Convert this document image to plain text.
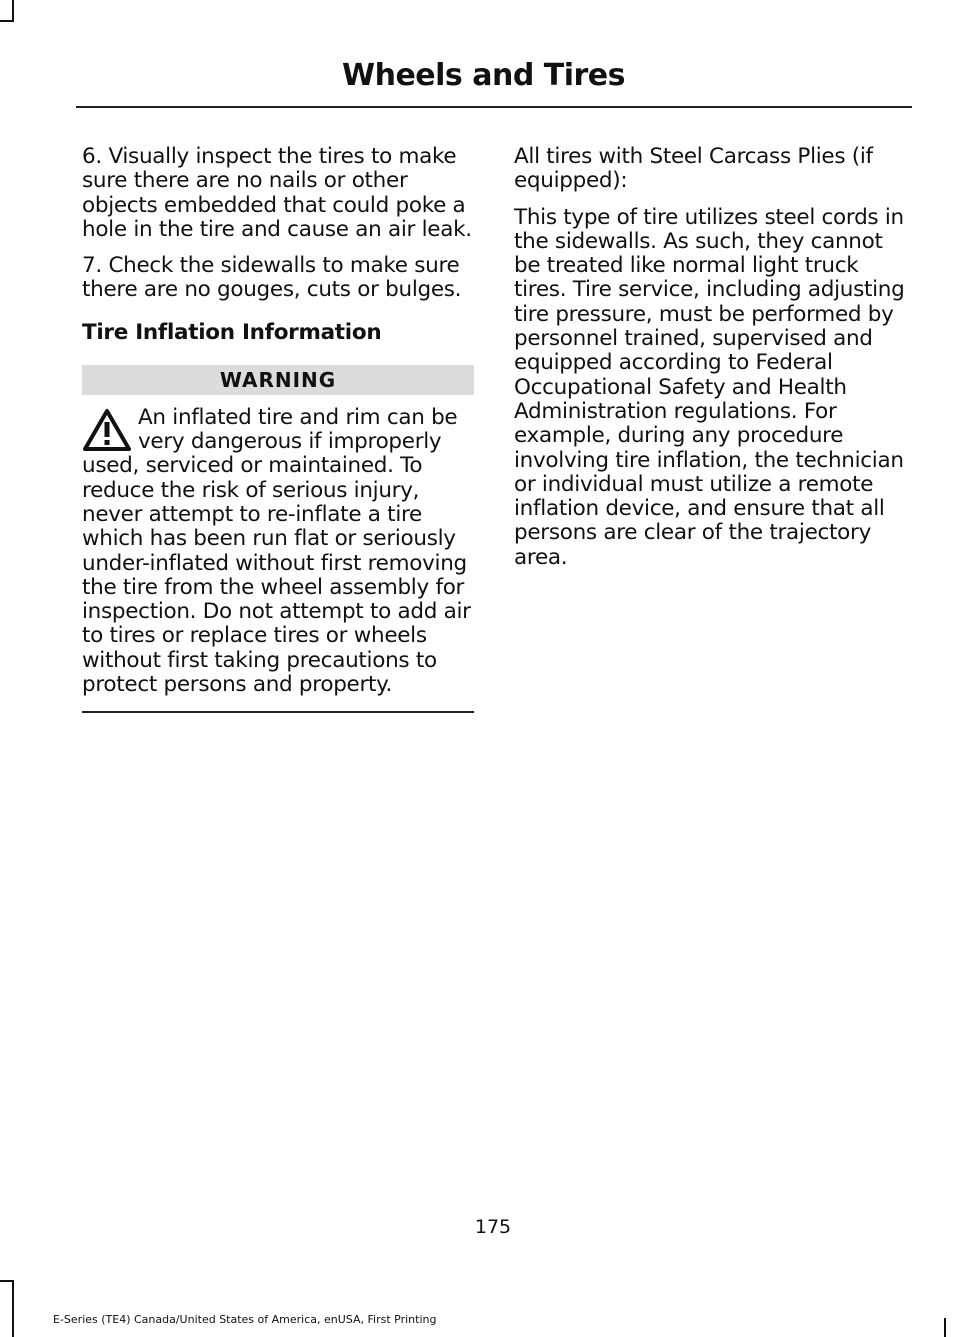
Wheels and Tires

6. Visually inspect the tires to make sure there are no nails or other objects embedded that could poke a hole in the tire and cause an air leak.

7. Check the sidewalls to make sure there are no gouges, cuts or bulges.

Tire Inflation Information
WARNING
An inflated tire and rim can be very dangerous if improperly used, serviced or maintained. To reduce the risk of serious injury, never attempt to re-inflate a tire which has been run flat or seriously under-inflated without first removing the tire from the wheel assembly for inspection. Do not attempt to add air to tires or replace tires or wheels without first taking precautions to protect persons and property.

All tires with Steel Carcass Plies (if equipped):

This type of tire utilizes steel cords in the sidewalls. As such, they cannot be treated like normal light truck tires. Tire service, including adjusting tire pressure, must be performed by personnel trained, supervised and equipped according to Federal Occupational Safety and Health Administration regulations. For example, during any procedure involving tire inflation, the technician or individual must utilize a remote inflation device, and ensure that all persons are clear of the trajectory area.

175
E-Series (TE4) Canada/United States of America, enUSA, First Printing
